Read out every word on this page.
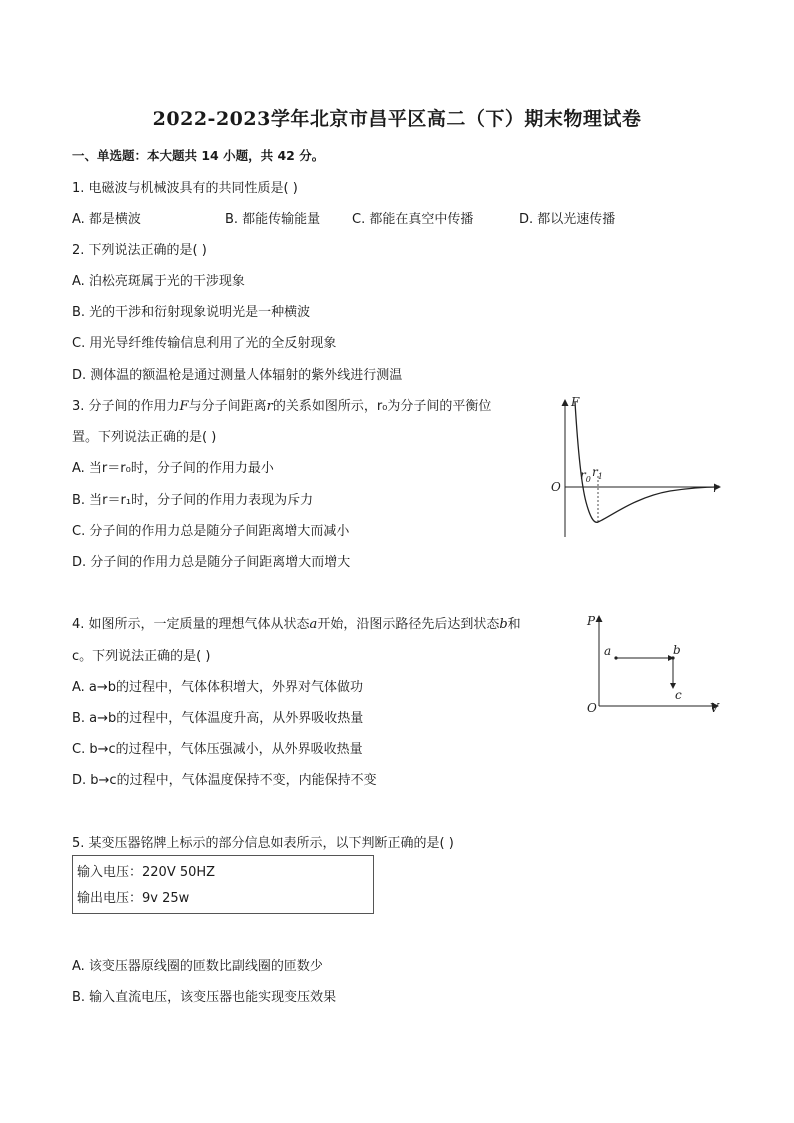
2022-2023学年北京市昌平区高二（下）期末物理试卷
一、单选题：本大题共 14 小题，共 42 分。
1. 电磁波与机械波具有的共同性质是( )
A. 都是横波	B. 都能传输能量 C. 都能在真空中传播	D. 都以光速传播
2. 下列说法正确的是( )
A. 泊松亮斑属于光的干涉现象
B. 光的干涉和衍射现象说明光是一种横波
C. 用光导纤维传输信息利用了光的全反射现象
D. 测体温的额温枪是通过测量人体辐射的紫外线进行测温
3. 分子间的作用力F与分子间距离r的关系如图所示，r₀为分子间的平衡位
置。下列说法正确的是( )
A. 当r＝r₀时，分子间的作用力最小
B. 当r＝r₁时，分子间的作用力表现为斥力
C. 分子间的作用力总是随分子间距离增大而减小
D. 分子间的作用力总是随分子间距离增大而增大
F
r
O
$r_0$
$r_1$
4. 如图所示，一定质量的理想气体从状态a开始，沿图示路径先后达到状态b和
c。下列说法正确的是( )
A. a→b的过程中，气体体积增大，外界对气体做功
B. a→b的过程中，气体温度升高，从外界吸收热量
C. b→c的过程中，气体压强减小，从外界吸收热量
D. b→c的过程中，气体温度保持不变，内能保持不变
P
V
O
a	b
c
5. 某变压器铭牌上标示的部分信息如表所示，以下判断正确的是( )
输入电压：220V 50HZ
输出电压：9v 25w
A. 该变压器原线圈的匝数比副线圈的匝数少
B. 输入直流电压，该变压器也能实现变压效果
